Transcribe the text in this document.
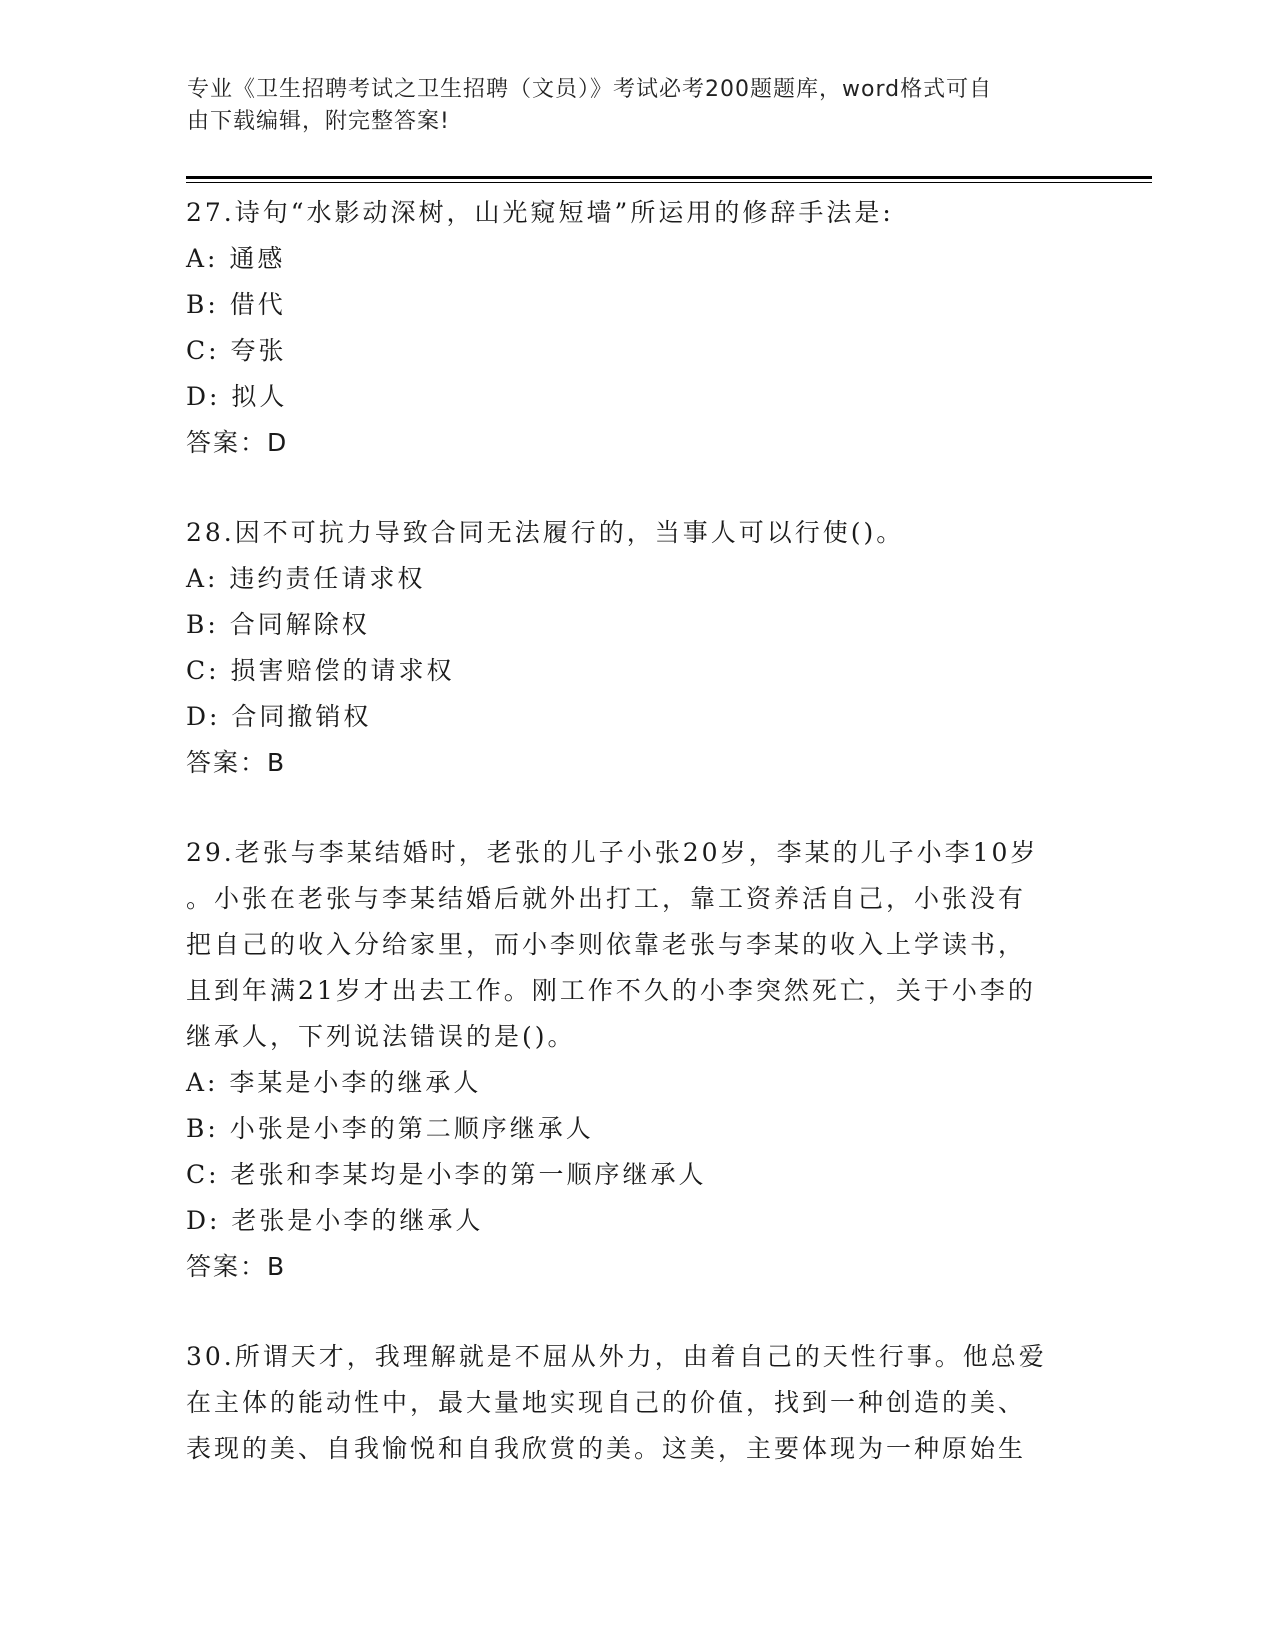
专业《卫生招聘考试之卫生招聘（文员）》考试必考200题题库，word格式可自
由下载编辑，附完整答案!

27.诗句“水影动深树，山光窥短墙”所运用的修辞手法是:

A: 通感

B: 借代

C: 夸张

D: 拟人

答案：D

28.因不可抗力导致合同无法履行的，当事人可以行使()。

A: 违约责任请求权

B: 合同解除权

C: 损害赔偿的请求权

D: 合同撤销权

答案：B

29.老张与李某结婚时，老张的儿子小张20岁，李某的儿子小李10岁

。小张在老张与李某结婚后就外出打工，靠工资养活自己，小张没有

把自己的收入分给家里，而小李则依靠老张与李某的收入上学读书，

且到年满21岁才出去工作。刚工作不久的小李突然死亡，关于小李的

继承人，下列说法错误的是()。

A: 李某是小李的继承人

B: 小张是小李的第二顺序继承人

C: 老张和李某均是小李的第一顺序继承人

D: 老张是小李的继承人

答案：B

30.所谓天才，我理解就是不屈从外力，由着自己的天性行事。他总爱

在主体的能动性中，最大量地实现自己的价值，找到一种创造的美、

表现的美、自我愉悦和自我欣赏的美。这美，主要体现为一种原始生
